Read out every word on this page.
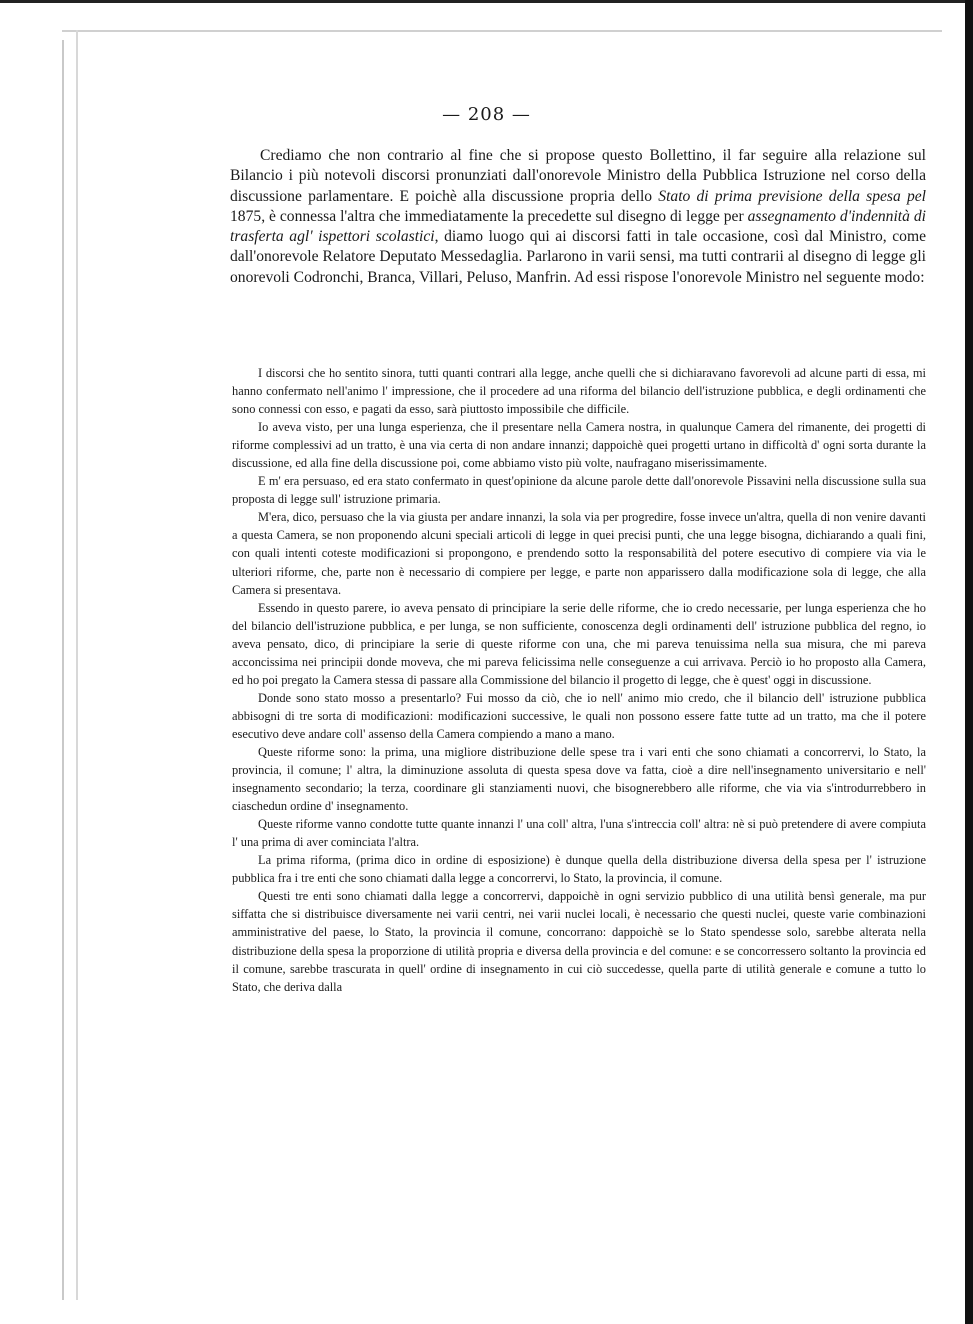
— 208 —

Crediamo che non contrario al fine che si propose questo Bollettino, il far seguire alla relazione sul Bilancio i più notevoli discorsi pronunziati dall'onorevole Ministro della Pubblica Istruzione nel corso della discussione parlamentare. E poichè alla discussione propria dello Stato di prima previsione della spesa pel 1875, è connessa l'altra che immediatamente la precedette sul disegno di legge per assegnamento d'indennità di trasferta agl' ispettori scolastici, diamo luogo qui ai discorsi fatti in tale occasione, così dal Ministro, come dall'onorevole Relatore Deputato Messedaglia. Parlarono in varii sensi, ma tutti contrarii al disegno di legge gli onorevoli Codronchi, Branca, Villari, Peluso, Manfrin. Ad essi rispose l'onorevole Ministro nel seguente modo:

I discorsi che ho sentito sinora, tutti quanti contrari alla legge, anche quelli che si dichiaravano favorevoli ad alcune parti di essa, mi hanno confermato nell'animo l' impressione, che il procedere ad una riforma del bilancio dell'istruzione pubblica, e degli ordinamenti che sono connessi con esso, e pagati da esso, sarà piuttosto impossibile che difficile.

Io aveva visto, per una lunga esperienza, che il presentare nella Camera nostra, in qualunque Camera del rimanente, dei progetti di riforme complessivi ad un tratto, è una via certa di non andare innanzi; dappoichè quei progetti urtano in difficoltà d' ogni sorta durante la discussione, ed alla fine della discussione poi, come abbiamo visto più volte, naufragano miserissimamente.

E m' era persuaso, ed era stato confermato in quest'opinione da alcune parole dette dall'onorevole Pissavini nella discussione sulla sua proposta di legge sull' istruzione primaria.

M'era, dico, persuaso che la via giusta per andare innanzi, la sola via per progredire, fosse invece un'altra, quella di non venire davanti a questa Camera, se non proponendo alcuni speciali articoli di legge in quei precisi punti, che una legge bisogna, dichiarando a quali fini, con quali intenti coteste modificazioni si propongono, e prendendo sotto la responsabilità del potere esecutivo di compiere via via le ulteriori riforme, che, parte non è necessario di compiere per legge, e parte non apparissero dalla modificazione sola di legge, che alla Camera si presentava.

Essendo in questo parere, io aveva pensato di principiare la serie delle riforme, che io credo necessarie, per lunga esperienza che ho del bilancio dell'istruzione pubblica, e per lunga, se non sufficiente, conoscenza degli ordinamenti dell' istruzione pubblica del regno, io aveva pensato, dico, di principiare la serie di queste riforme con una, che mi pareva tenuissima nella sua misura, che mi pareva acconcissima nei principii donde moveva, che mi pareva felicissima nelle conseguenze a cui arrivava. Perciò io ho proposto alla Camera, ed ho poi pregato la Camera stessa di passare alla Commissione del bilancio il progetto di legge, che è quest' oggi in discussione.

Donde sono stato mosso a presentarlo? Fui mosso da ciò, che io nell' animo mio credo, che il bilancio dell' istruzione pubblica abbisogni di tre sorta di modificazioni: modificazioni successive, le quali non possono essere fatte tutte ad un tratto, ma che il potere esecutivo deve andare coll' assenso della Camera compiendo a mano a mano.

Queste riforme sono: la prima, una migliore distribuzione delle spese tra i vari enti che sono chiamati a concorrervi, lo Stato, la provincia, il comune; l' altra, la diminuzione assoluta di questa spesa dove va fatta, cioè a dire nell'insegnamento universitario e nell' insegnamento secondario; la terza, coordinare gli stanziamenti nuovi, che bisognerebbero alle riforme, che via via s'introdurrebbero in ciaschedun ordine d' insegnamento.

Queste riforme vanno condotte tutte quante innanzi l' una coll' altra, l'una s'intreccia coll' altra: nè si può pretendere di avere compiuta l' una prima di aver cominciata l'altra.

La prima riforma, (prima dico in ordine di esposizione) è dunque quella della distribuzione diversa della spesa per l' istruzione pubblica fra i tre enti che sono chiamati dalla legge a concorrervi, lo Stato, la provincia, il comune.

Questi tre enti sono chiamati dalla legge a concorrervi, dappoichè in ogni servizio pubblico di una utilità bensì generale, ma pur siffatta che si distribuisce diversamente nei varii centri, nei varii nuclei locali, è necessario che questi nuclei, queste varie combinazioni amministrative del paese, lo Stato, la provincia il comune, concorrano: dappoichè se lo Stato spendesse solo, sarebbe alterata nella distribuzione della spesa la proporzione di utilità propria e diversa della provincia e del comune: e se concorressero soltanto la provincia ed il comune, sarebbe trascurata in quell' ordine di insegnamento in cui ciò succedesse, quella parte di utilità generale e comune a tutto lo Stato, che deriva dalla
